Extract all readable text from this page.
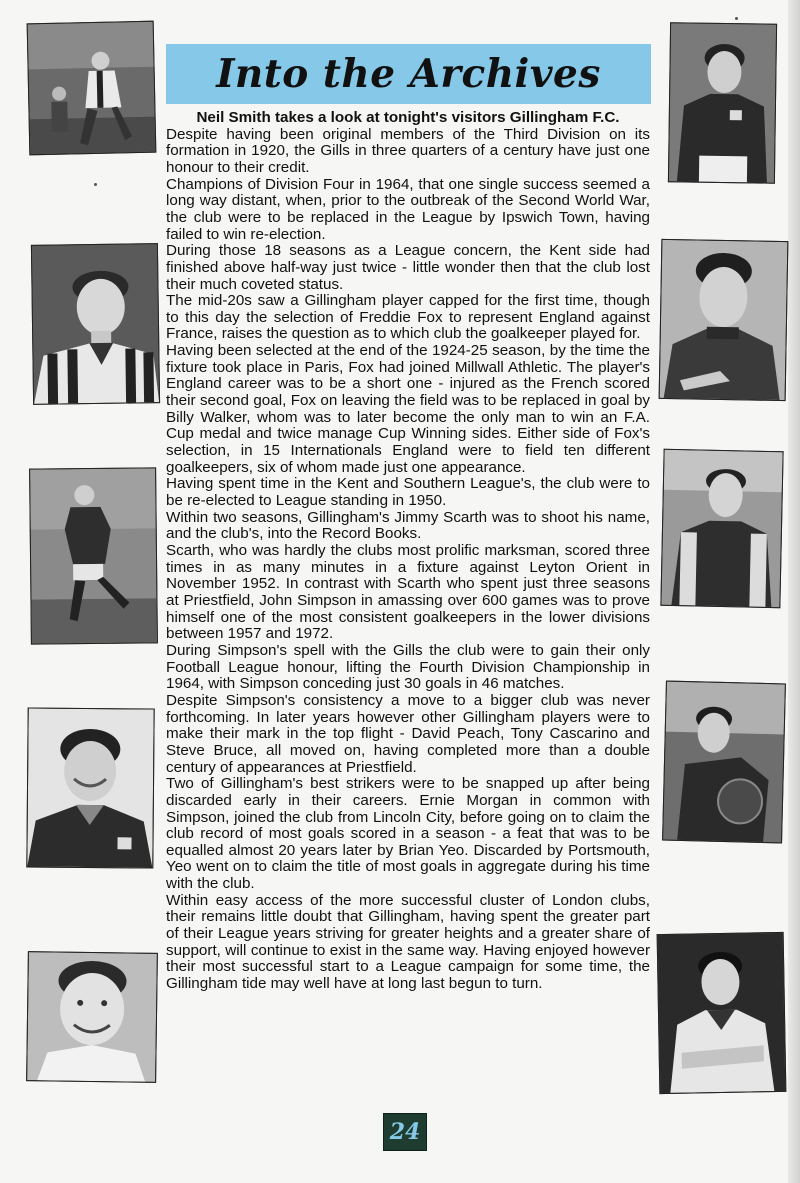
Into the Archives
Neil Smith takes a look at tonight's visitors Gillingham F.C.

Despite having been original members of the Third Division on its formation in 1920, the Gills in three quarters of a century have just one honour to their credit.

Champions of Division Four in 1964, that one single success seemed a long way distant, when, prior to the outbreak of the Second World War, the club were to be replaced in the League by Ipswich Town, having failed to win re-election.

During those 18 seasons as a League concern, the Kent side had finished above half-way just twice - little wonder then that the club lost their much coveted status.

The mid-20s saw a Gillingham player capped for the first time, though to this day the selection of Freddie Fox to represent England against France, raises the question as to which club the goalkeeper played for.

Having been selected at the end of the 1924-25 season, by the time the fixture took place in Paris, Fox had joined Millwall Athletic. The player's England career was to be a short one - injured as the French scored their second goal, Fox on leaving the field was to be replaced in goal by Billy Walker, whom was to later become the only man to win an F.A. Cup medal and twice manage Cup Winning sides. Either side of Fox's selection, in 15 Internationals England were to field ten different goalkeepers, six of whom made just one appearance.

Having spent time in the Kent and Southern League's, the club were to be re-elected to League standing in 1950.

Within two seasons, Gillingham's Jimmy Scarth was to shoot his name, and the club's, into the Record Books.

Scarth, who was hardly the clubs most prolific marksman, scored three times in as many minutes in a fixture against Leyton Orient in November 1952. In contrast with Scarth who spent just three seasons at Priestfield, John Simpson in amassing over 600 games was to prove himself one of the most consistent goalkeepers in the lower divisions between 1957 and 1972.

During Simpson's spell with the Gills the club were to gain their only Football League honour, lifting the Fourth Division Championship in 1964, with Simpson conceding just 30 goals in 46 matches.

Despite Simpson's consistency a move to a bigger club was never forthcoming. In later years however other Gillingham players were to make their mark in the top flight - David Peach, Tony Cascarino and Steve Bruce, all moved on, having completed more than a double century of appearances at Priestfield.

Two of Gillingham's best strikers were to be snapped up after being discarded early in their careers. Ernie Morgan in common with Simpson, joined the club from Lincoln City, before going on to claim the club record of most goals scored in a season - a feat that was to be equalled almost 20 years later by Brian Yeo. Discarded by Portsmouth, Yeo went on to claim the title of most goals in aggregate during his time with the club.

Within easy access of the more successful cluster of London clubs, their remains little doubt that Gillingham, having spent the greater part of their League years striving for greater heights and a greater share of support, will continue to exist in the same way. Having enjoyed however their most successful start to a League campaign for some time, the Gillingham tide may well have at long last begun to turn.

24
